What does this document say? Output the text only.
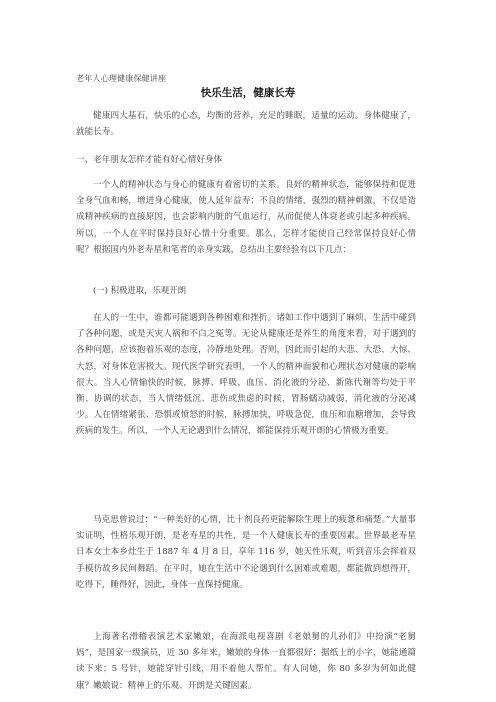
老年人心理健康保健讲座
快乐生活，健康长寿
健康四大基石，快乐的心态，均衡的营养，充足的睡眠，适量的运动。身体健康了，就能长寿。
一、老年朋友怎样才能有好心情好身体
一个人的精神状态与身心的健康有着密切的关系。良好的精神状态，能够保持和促进全身气血和畅，增进身心健康，使人延年益寿；不良的情绪，强烈的精神刺激，不仅是造成精神疾病的直接原因，也会影响内脏的气血运行，从而促使人体衰老或引起多种疾病。所以，一个人在平时保持良好心情十分重要。那么，怎样才能使自己经常保持良好心情呢？根据国内外老寿星和笔者的亲身实践，总结出主要经验有以下几点：
(一) 积极进取，乐观开朗
在人的一生中，谁都可能遇到各种困难和挫折。诸如工作中遇到了麻烦，生活中碰到了各种问题，或是天灾人祸和不白之冤等。无论从健康还是养生的角度来看，对于遇到的各种问题，应该抱着乐观的态度，冷静地处理。否则，因此而引起的大悲、大恐、大惊、大怒，对身体危害极大。现代医学研究表明，一个人的精神面貌和心理状态对健康的影响很大。当人心情愉快的时候，脉搏、呼吸、血压、消化液的分泌、新陈代谢等均处于平衡、协调的状态，当人情绪低沉、悲伤或焦虑的时候，胃肠蠕动减弱，消化液的分泌减少。人在情绪紧张、恐惧或愤怒的时候，脉搏加快，呼吸急促，血压和血糖增加，会导致疾病的发生。所以，一个人无论遇到什么情况，都能保持乐观开朗的心情极为重要。
马克思曾说过：“一种美好的心情，比十剂良药更能解除生理上的疲惫和痛楚。”大量事实证明，性格乐观开朗，是老寿星的共性，是一个人健康长寿的重要因素。世界最老寿星日本女士本乡灶生于 1887 年 4 月 8 日，享年 116 岁，她天性乐观，听到音乐会挥着双手模仿故乡民间舞蹈。在平时，她在生活中不论遇到什么困难或难题，都能做到想得开，吃得下，睡得好，因此，身体一直保持健康。
上海著名滑稽表演艺术家嫩娘，在海派电视喜剧《老娘舅的儿孙们》中扮演“老舅妈”，是国家一级演员，近 30 多年来，嫩娘的身体一直都很好：据纸上的小字，她能通篇读下来；5 号针，她能穿针引线，用不着他人帮忙。有人问她，你 80 多岁为何如此健康？嫩娘说：精神上的乐观、开朗是关键因素。
